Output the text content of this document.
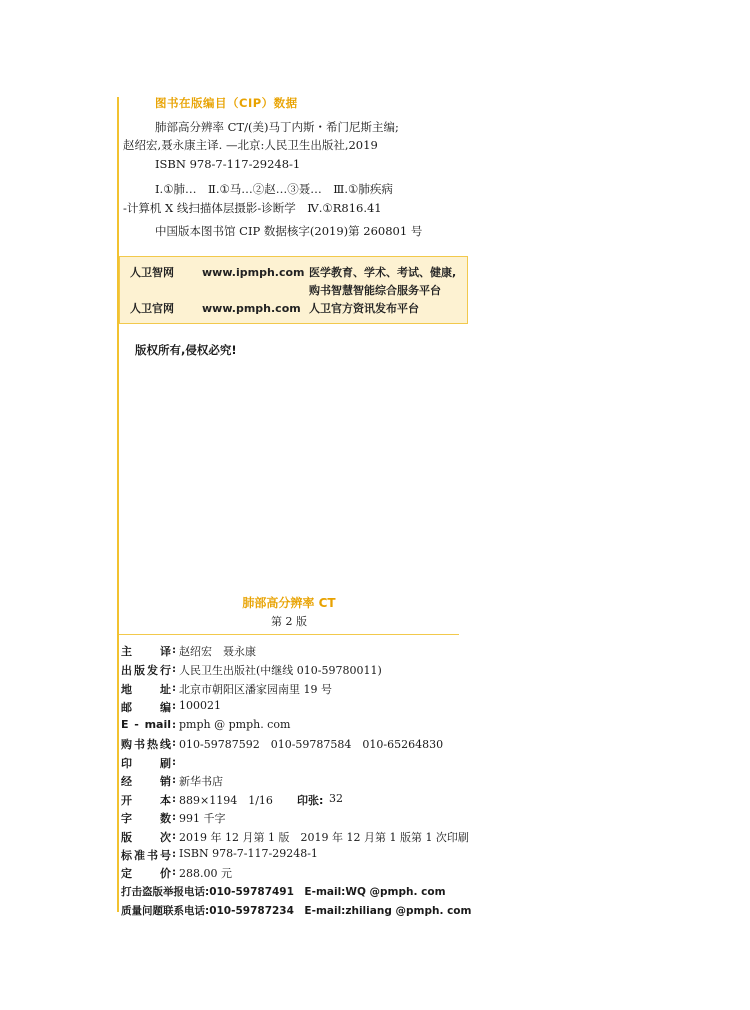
图书在版编目（CIP）数据
肺部高分辨率 CT/(美)马丁内斯・希门尼斯主编;
赵绍宏,聂永康主译. —北京:人民卫生出版社,2019
ISBN 978-7-117-29248-1
Ⅰ.①肺…　Ⅱ.①马…②赵…③聂…　Ⅲ.①肺疾病
-计算机 X 线扫描体层摄影-诊断学　Ⅳ.①R816.41
中国版本图书馆 CIP 数据核字(2019)第 260801 号
人卫智网	www.ipmph.com 医学教育、学术、考试、健康,
购书智慧智能综合服务平台
人卫官网	www.pmph.com 人卫官方资讯发布平台
版权所有,侵权必究!
肺部高分辨率 CT
第 2 版
主　译 : 赵绍宏　聂永康
出版发行 : 人民卫生出版社(中继线 010-59780011)
地　址 : 北京市朝阳区潘家园南里 19 号
邮　编 : 100021
E - mail : pmph @ pmph. com
购书热线 : 010-59787592　010-59787584　010-65264830
印　刷 :
经　销 : 新华书店
开　本 : 889×1194　1/16 印张: 32
字　数 : 991 千字
版　次 : 2019 年 12 月第 1 版　2019 年 12 月第 1 版第 1 次印刷
标准书号 : ISBN 978-7-117-29248-1
定　价 : 288.00 元
打击盗版举报电话:010-59787491　E-mail:WQ @pmph. com
质量问题联系电话:010-59787234　E-mail:zhiliang @pmph. com
